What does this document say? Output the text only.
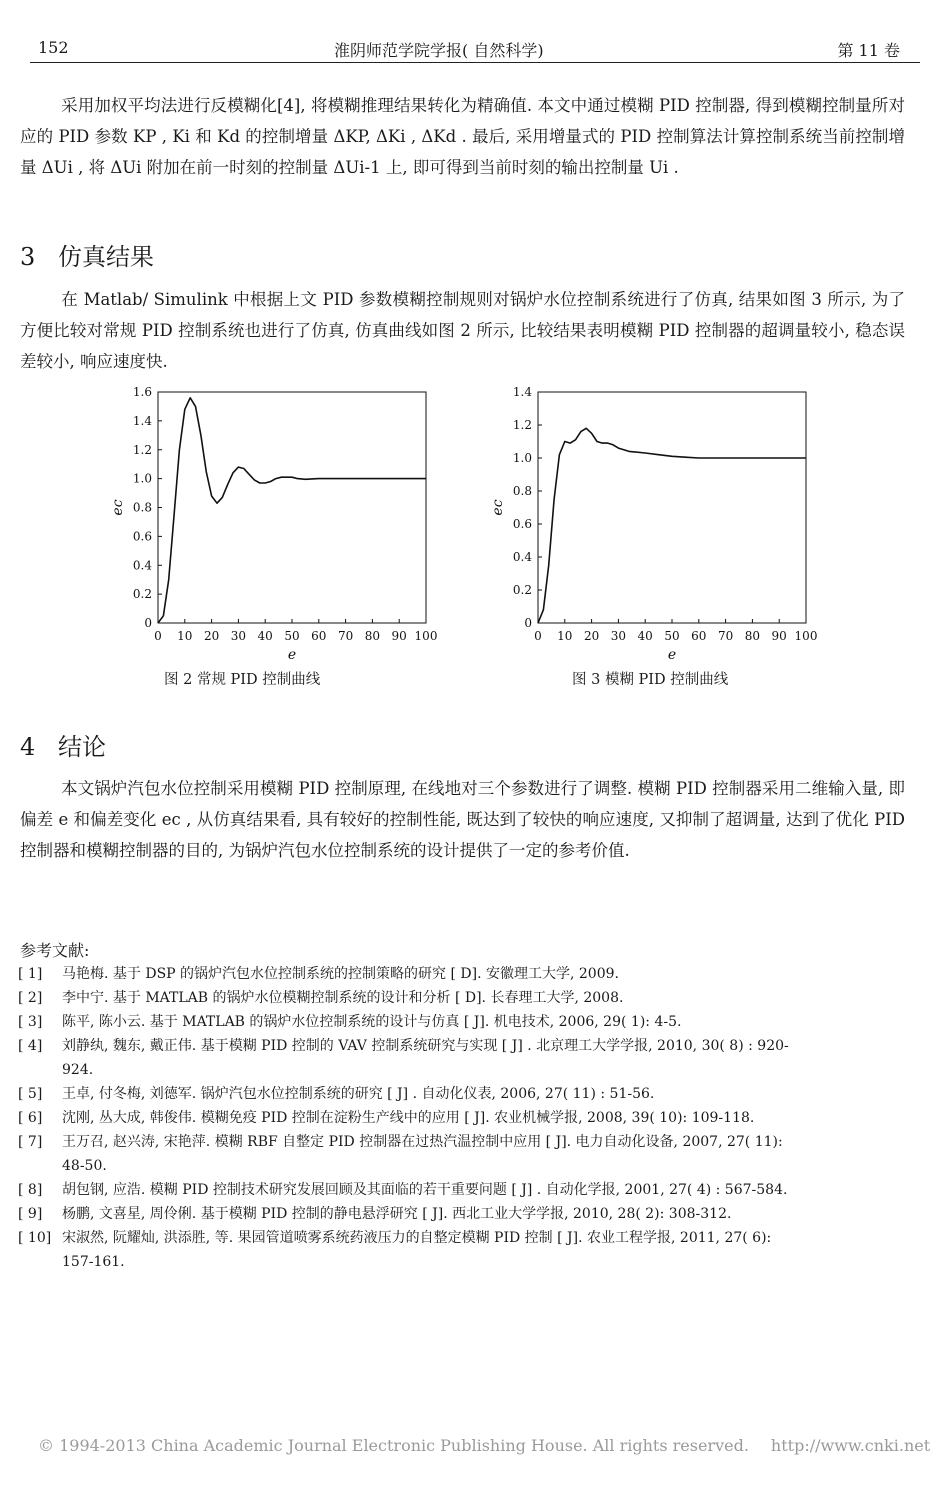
152	淮阴师范学院学报( 自然科学)	第 11 卷
采用加权平均法进行反模糊化[4], 将模糊推理结果转化为精确值. 本文中通过模糊 PID 控制器, 得到模糊控制量所对应的 PID 参数 KP , Ki 和 Kd 的控制增量 ΔKP, ΔKi , ΔKd . 最后, 采用增量式的 PID 控制算法计算控制系统当前控制增量 ΔUi , 将 ΔUi 附加在前一时刻的控制量 ΔUi-1 上, 即可得到当前时刻的输出控制量 Ui .
3 仿真结果
在 Matlab/ Simulink 中根据上文 PID 参数模糊控制规则对锅炉水位控制系统进行了仿真, 结果如图 3 所示, 为了方便比较对常规 PID 控制系统也进行了仿真, 仿真曲线如图 2 所示, 比较结果表明模糊 PID 控制器的超调量较小, 稳态误差较小, 响应速度快.
0 10 20 30 40 50 60 70 80 90 100
0
0.2
0.4
0.6
0.8
1.0
1.2
1.4
1.6
e
ec
图 2 常规 PID 控制曲线
0 10 20 30 40 50 60 70 80 90 100
0
0.2
0.4
0.6
0.8
1.0
1.2
1.4
e
ec
图 3 模糊 PID 控制曲线
4 结论
本文锅炉汽包水位控制采用模糊 PID 控制原理, 在线地对三个参数进行了调整. 模糊 PID 控制器采用二维输入量, 即偏差 e 和偏差变化 ec , 从仿真结果看, 具有较好的控制性能, 既达到了较快的响应速度, 又抑制了超调量, 达到了优化 PID 控制器和模糊控制器的目的, 为锅炉汽包水位控制系统的设计提供了一定的参考价值.
参考文献:
[ 1] 马艳梅. 基于 DSP 的锅炉汽包水位控制系统的控制策略的研究 [ D]. 安徽理工大学, 2009.
[ 2] 李中宁. 基于 MATLAB 的锅炉水位模糊控制系统的设计和分析 [ D]. 长春理工大学, 2008.
[ 3] 陈平, 陈小云. 基于 MATLAB 的锅炉水位控制系统的设计与仿真 [ J]. 机电技术, 2006, 29( 1): 4-5.
[ 4] 刘静纨, 魏东, 戴正伟. 基于模糊 PID 控制的 VAV 控制系统研究与实现 [ J] . 北京理工大学学报, 2010, 30( 8) : 920-
924.
[ 5] 王卓, 付冬梅, 刘德军. 锅炉汽包水位控制系统的研究 [ J] . 自动化仪表, 2006, 27( 11) : 51-56.
[ 6] 沈刚, 丛大成, 韩俊伟. 模糊免疫 PID 控制在淀粉生产线中的应用 [ J]. 农业机械学报, 2008, 39( 10): 109-118.
[ 7] 王万召, 赵兴涛, 宋艳萍. 模糊 RBF 自整定 PID 控制器在过热汽温控制中应用 [ J]. 电力自动化设备, 2007, 27( 11):
48-50.
[ 8] 胡包钢, 应浩. 模糊 PID 控制技术研究发展回顾及其面临的若干重要问题 [ J] . 自动化学报, 2001, 27( 4) : 567-584.
[ 9] 杨鹏, 文喜星, 周伶俐. 基于模糊 PID 控制的静电悬浮研究 [ J]. 西北工业大学学报, 2010, 28( 2): 308-312.
[ 10] 宋淑然, 阮耀灿, 洪添胜, 等. 果园管道喷雾系统药液压力的自整定模糊 PID 控制 [ J]. 农业工程学报, 2011, 27( 6):
157-161.
© 1994-2013 China Academic Journal Electronic Publishing House. All rights reserved. http://www.cnki.net
